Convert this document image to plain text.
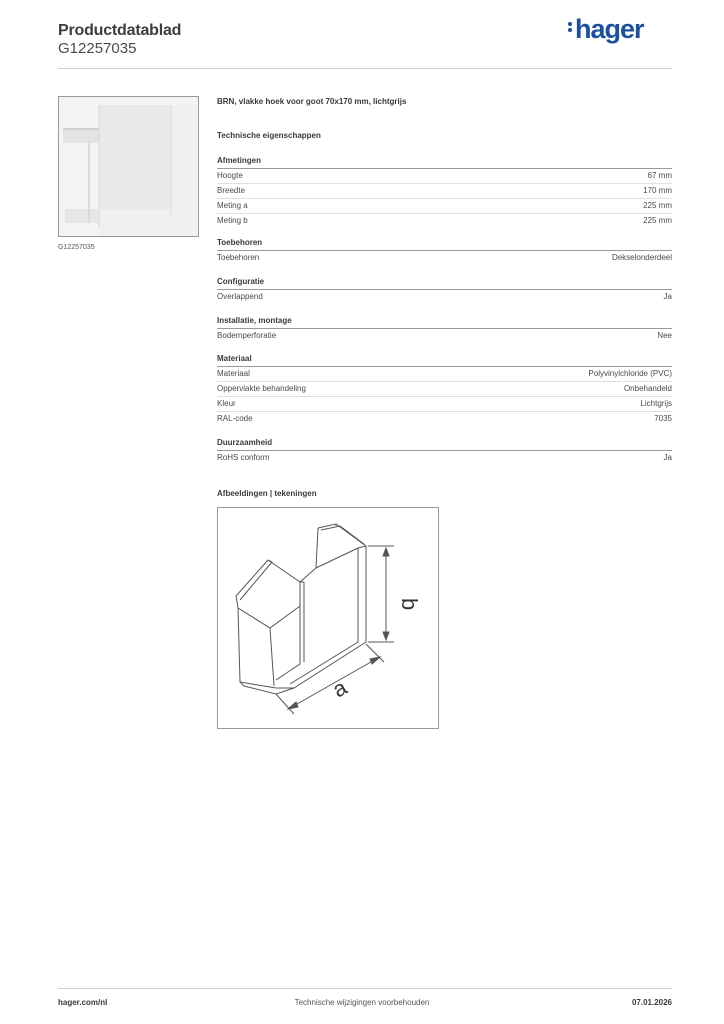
Productdatablad
G12257035
hager
G12257035
BRN, vlakke hoek voor goot 70x170 mm, lichtgrijs
Technische eigenschappen
Afmetingen
Hoogte	67 mm
Breedte	170 mm
Meting a	225 mm
Meting b	225 mm
Toebehoren
Toebehoren	Dekselonderdeel
Configuratie
Overlappend	Ja
Installatie, montage
Bodemperforatie	Nee
Materiaal
Materiaal	Polyvinylchloride (PVC)
Oppervlakte behandeling	Onbehandeld
Kleur	Lichtgrijs
RAL-code	7035
Duurzaamheid
RoHS conform	Ja
Afbeeldingen | tekeningen
b
a
hager.com/nl	Technische wijzigingen voorbehouden	07.01.2026
